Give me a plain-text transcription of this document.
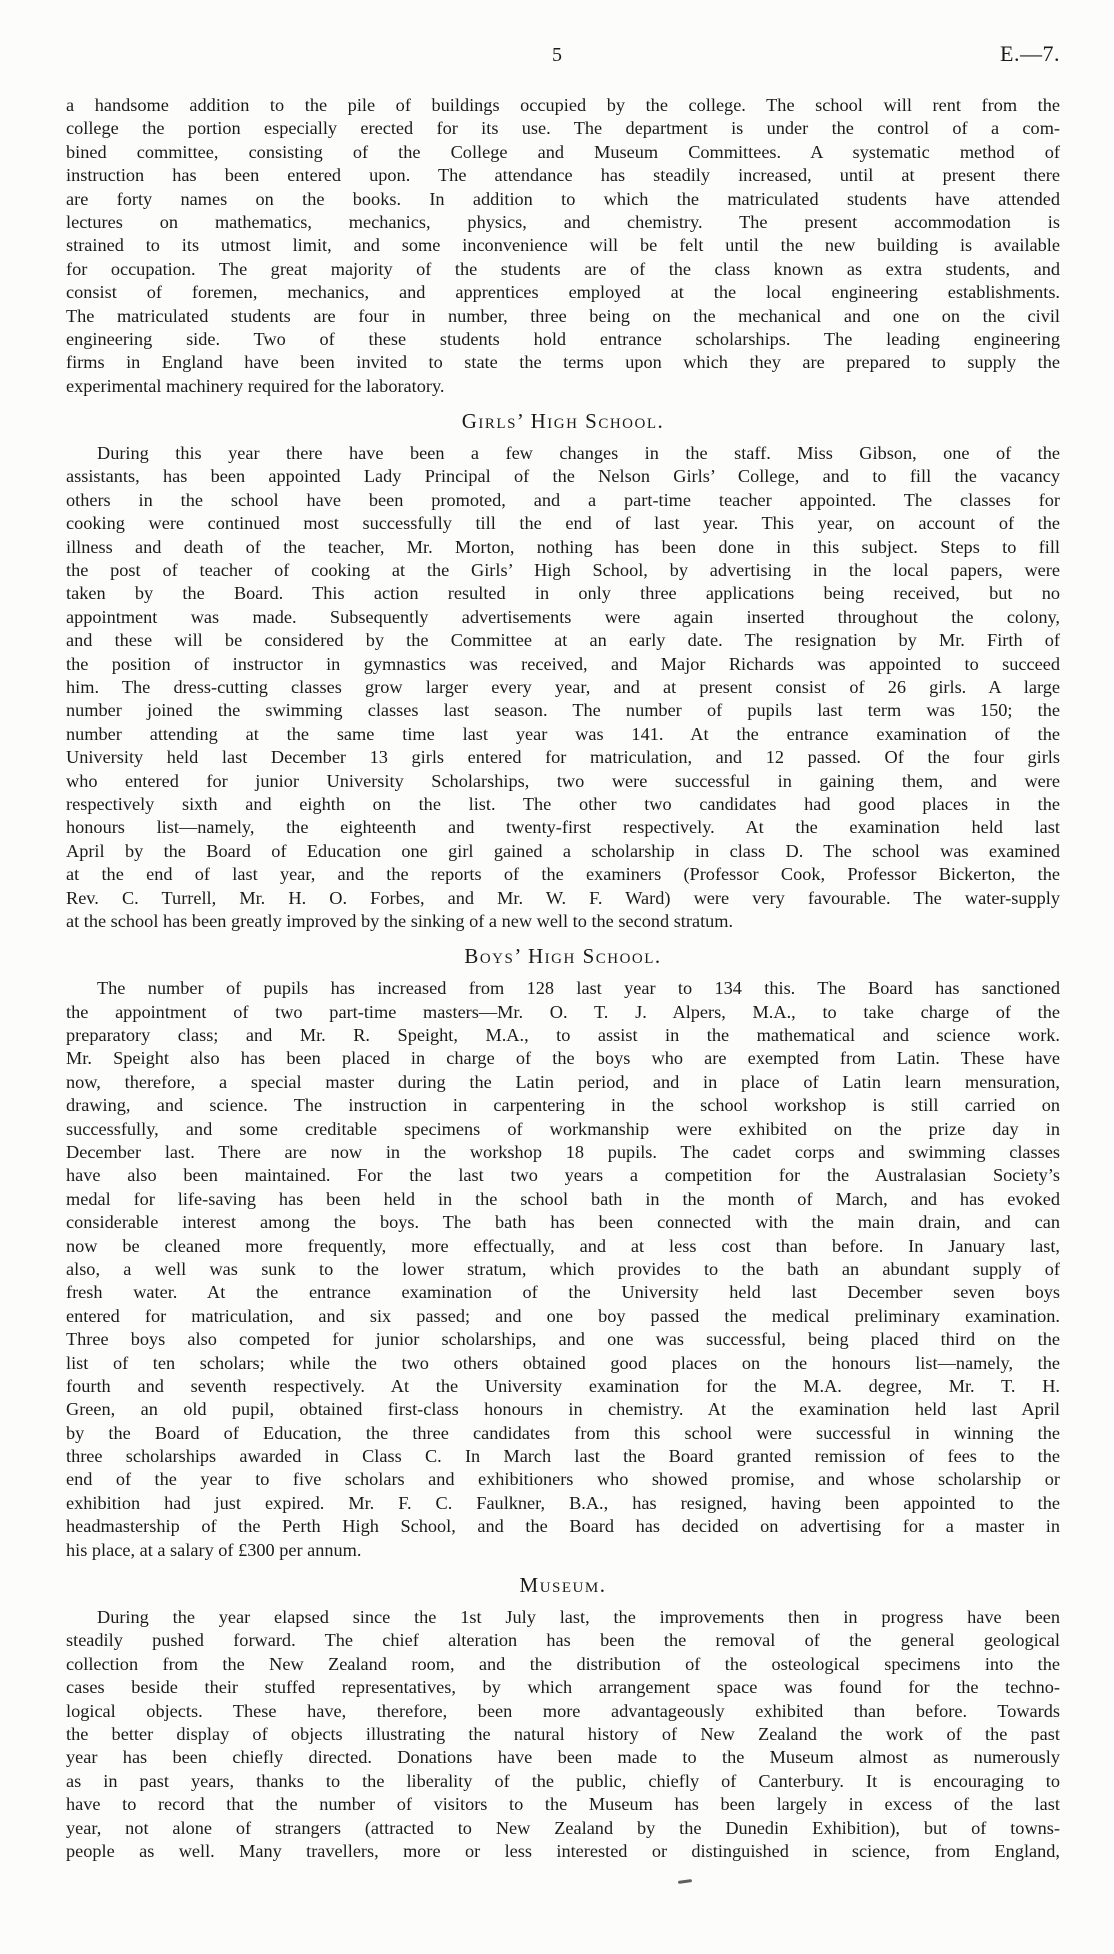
5	E.—7.
a handsome addition to the pile of buildings occupied by the college. The school will rent from the
college the portion especially erected for its use. The department is under the control of a com-
bined committee, consisting of the College and Museum Committees. A systematic method of
instruction has been entered upon. The attendance has steadily increased, until at present there
are forty names on the books. In addition to which the matriculated students have attended
lectures on mathematics, mechanics, physics, and chemistry. The present accommodation is
strained to its utmost limit, and some inconvenience will be felt until the new building is available
for occupation. The great majority of the students are of the class known as extra students, and
consist of foremen, mechanics, and apprentices employed at the local engineering establishments.
The matriculated students are four in number, three being on the mechanical and one on the civil
engineering side. Two of these students hold entrance scholarships. The leading engineering
firms in England have been invited to state the terms upon which they are prepared to supply the
experimental machinery required for the laboratory.
Girls’ High School.
During this year there have been a few changes in the staff. Miss Gibson, one of the
assistants, has been appointed Lady Principal of the Nelson Girls’ College, and to fill the vacancy
others in the school have been promoted, and a part-time teacher appointed. The classes for
cooking were continued most successfully till the end of last year. This year, on account of the
illness and death of the teacher, Mr. Morton, nothing has been done in this subject. Steps to fill
the post of teacher of cooking at the Girls’ High School, by advertising in the local papers, were
taken by the Board. This action resulted in only three applications being received, but no
appointment was made. Subsequently advertisements were again inserted throughout the colony,
and these will be considered by the Committee at an early date. The resignation by Mr. Firth of
the position of instructor in gymnastics was received, and Major Richards was appointed to succeed
him. The dress-cutting classes grow larger every year, and at present consist of 26 girls. A large
number joined the swimming classes last season. The number of pupils last term was 150; the
number attending at the same time last year was 141. At the entrance examination of the
University held last December 13 girls entered for matriculation, and 12 passed. Of the four girls
who entered for junior University Scholarships, two were successful in gaining them, and were
respectively sixth and eighth on the list. The other two candidates had good places in the
honours list—namely, the eighteenth and twenty-first respectively. At the examination held last
April by the Board of Education one girl gained a scholarship in class D. The school was examined
at the end of last year, and the reports of the examiners (Professor Cook, Professor Bickerton, the
Rev. C. Turrell, Mr. H. O. Forbes, and Mr. W. F. Ward) were very favourable. The water-supply
at the school has been greatly improved by the sinking of a new well to the second stratum.
Boys’ High School.
The number of pupils has increased from 128 last year to 134 this. The Board has sanctioned
the appointment of two part-time masters—Mr. O. T. J. Alpers, M.A., to take charge of the
preparatory class; and Mr. R. Speight, M.A., to assist in the mathematical and science work.
Mr. Speight also has been placed in charge of the boys who are exempted from Latin. These have
now, therefore, a special master during the Latin period, and in place of Latin learn mensuration,
drawing, and science. The instruction in carpentering in the school workshop is still carried on
successfully, and some creditable specimens of workmanship were exhibited on the prize day in
December last. There are now in the workshop 18 pupils. The cadet corps and swimming classes
have also been maintained. For the last two years a competition for the Australasian Society’s
medal for life-saving has been held in the school bath in the month of March, and has evoked
considerable interest among the boys. The bath has been connected with the main drain, and can
now be cleaned more frequently, more effectually, and at less cost than before. In January last,
also, a well was sunk to the lower stratum, which provides to the bath an abundant supply of
fresh water. At the entrance examination of the University held last December seven boys
entered for matriculation, and six passed; and one boy passed the medical preliminary examination.
Three boys also competed for junior scholarships, and one was successful, being placed third on the
list of ten scholars; while the two others obtained good places on the honours list—namely, the
fourth and seventh respectively. At the University examination for the M.A. degree, Mr. T. H.
Green, an old pupil, obtained first-class honours in chemistry. At the examination held last April
by the Board of Education, the three candidates from this school were successful in winning the
three scholarships awarded in Class C. In March last the Board granted remission of fees to the
end of the year to five scholars and exhibitioners who showed promise, and whose scholarship or
exhibition had just expired. Mr. F. C. Faulkner, B.A., has resigned, having been appointed to the
headmastership of the Perth High School, and the Board has decided on advertising for a master in
his place, at a salary of £300 per annum.
Museum.
During the year elapsed since the 1st July last, the improvements then in progress have been
steadily pushed forward. The chief alteration has been the removal of the general geological
collection from the New Zealand room, and the distribution of the osteological specimens into the
cases beside their stuffed representatives, by which arrangement space was found for the techno-
logical objects. These have, therefore, been more advantageously exhibited than before. Towards
the better display of objects illustrating the natural history of New Zealand the work of the past
year has been chiefly directed. Donations have been made to the Museum almost as numerously
as in past years, thanks to the liberality of the public, chiefly of Canterbury. It is encouraging to
have to record that the number of visitors to the Museum has been largely in excess of the last
year, not alone of strangers (attracted to New Zealand by the Dunedin Exhibition), but of towns-
people as well. Many travellers, more or less interested or distinguished in science, from England,
